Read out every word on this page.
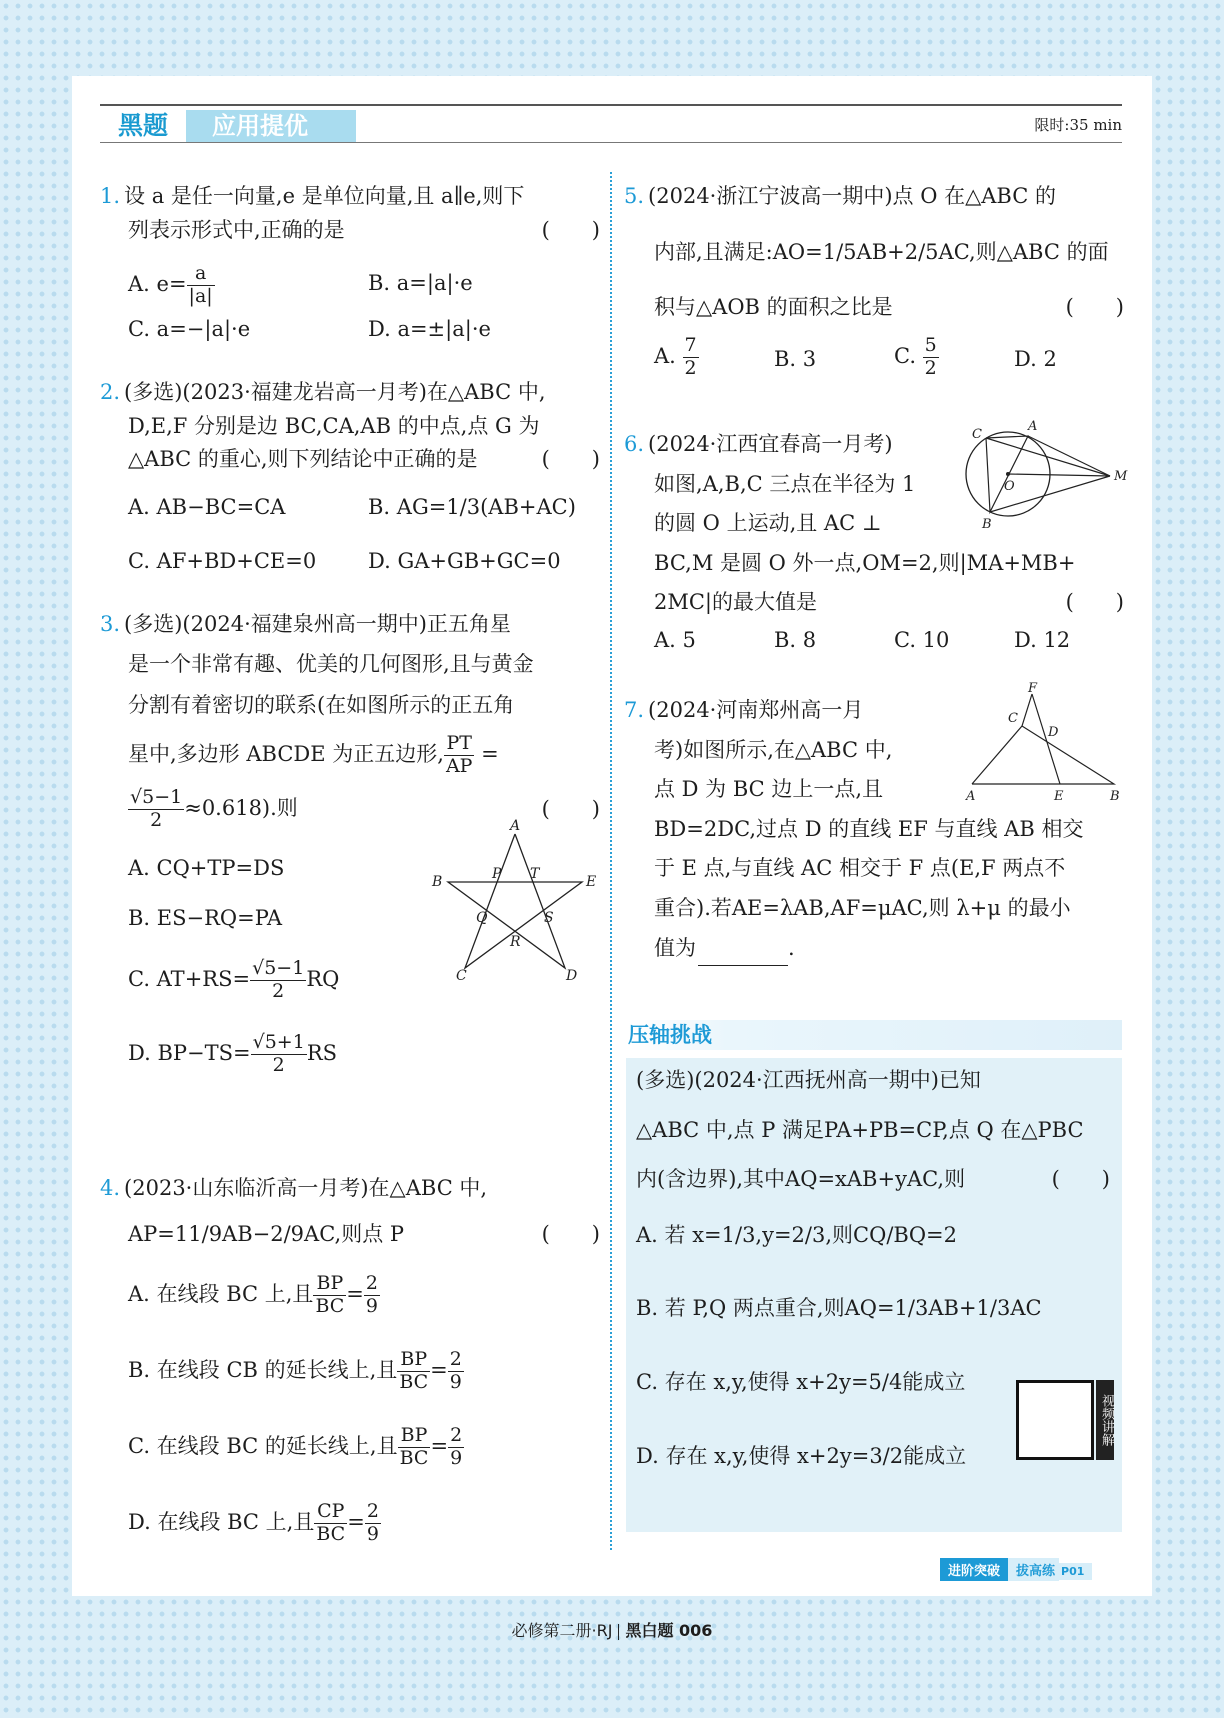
黑题	应用提优	限时:35 min
1. 设 a 是任一向量,e 是单位向量,且 a∥e,则下
列表示形式中,正确的是	(　　)
A. $e= \frac{a}{|a|}$	B. a=|a|·e
C. a=−|a|·e	D. a=±|a|·e
2. (多选)(2023·福建龙岩高一月考)在△ABC 中,
D,E,F 分别是边 BC,CA,AB 的中点,点 G 为
△ABC 的重心,则下列结论中正确的是	(　　)
A. AB−BC=CA	B. AG=1/3(AB+AC)
C. AF+BD+CE=0 D. GA+GB+GC=0
3. (多选)(2024·福建泉州高一期中)正五角星
是一个非常有趣、优美的几何图形,且与黄金
分割有着密切的联系(在如图所示的正五角
星中,多边形 ABCDE 为正五边形, $\frac{PT}{AP}$ =
$\frac{√5-1}{2} \approx 0.618$).则	(　　)
A. CQ+TP=DS
B. ES−RQ=PA
C. $AT+RS= \frac{√5-1}{2}$ RQ
D. $BP-TS= \frac{√5+1}{2}$ RS
A
B	E
P T
Q	S
R
C	D
4. (2023·山东临沂高一月考)在△ABC 中,
AP=11/9AB−2/9AC,则点 P	(　　)
A. 在线段 BC 上,且 $\frac{BP}{BC} = \frac{2}{9}$
B. 在线段 CB 的延长线上,且 $\frac{BP}{BC} = \frac{2}{9}$
C. 在线段 BC 的延长线上,且 $\frac{BP}{BC} = \frac{2}{9}$
D. 在线段 BC 上,且 $\frac{CP}{BC} = \frac{2}{9}$
5. (2024·浙江宁波高一期中)点 O 在△ABC 的
内部,且满足:AO=1/5AB+2/5AC,则△ABC 的面
积与△AOB 的面积之比是	(　　)
A. $\frac{7}{2}$	B. 3	C. $\frac{5}{2}$	D. 2
6. (2024·江西宜春高一月考)
如图,A,B,C 三点在半径为 1
的圆 O 上运动,且 AC ⊥
BC,M 是圆 O 外一点,OM=2,则|MA+MB+
2MC|的最大值是	(　　)
A. 5	B. 8	C. 10	D. 12
A
C
O
M
B
7. (2024·河南郑州高一月
考)如图所示,在△ABC 中,
点 D 为 BC 边上一点,且
BD=2DC,过点 D 的直线 EF 与直线 AB 相交
于 E 点,与直线 AC 相交于 F 点(E,F 两点不
重合).若AE=λAB,AF=μAC,则 λ+μ 的最小
值为	.
F
C
D
A	E	B
压轴挑战
(多选)(2024·江西抚州高一期中)已知
△ABC 中,点 P 满足PA+PB=CP,点 Q 在△PBC
内(含边界),其中AQ=xAB+yAC,则	(　　)
A. 若 x=1/3,y=2/3,则CQ/BQ=2
B. 若 P,Q 两点重合,则AQ=1/3AB+1/3AC
C. 存在 x,y,使得 x+2y=5/4能成立
D. 存在 x,y,使得 x+2y=3/2能成立
视频讲解
进阶突破 拔高练 P01
必修第二册·RJ 黑白题 006
